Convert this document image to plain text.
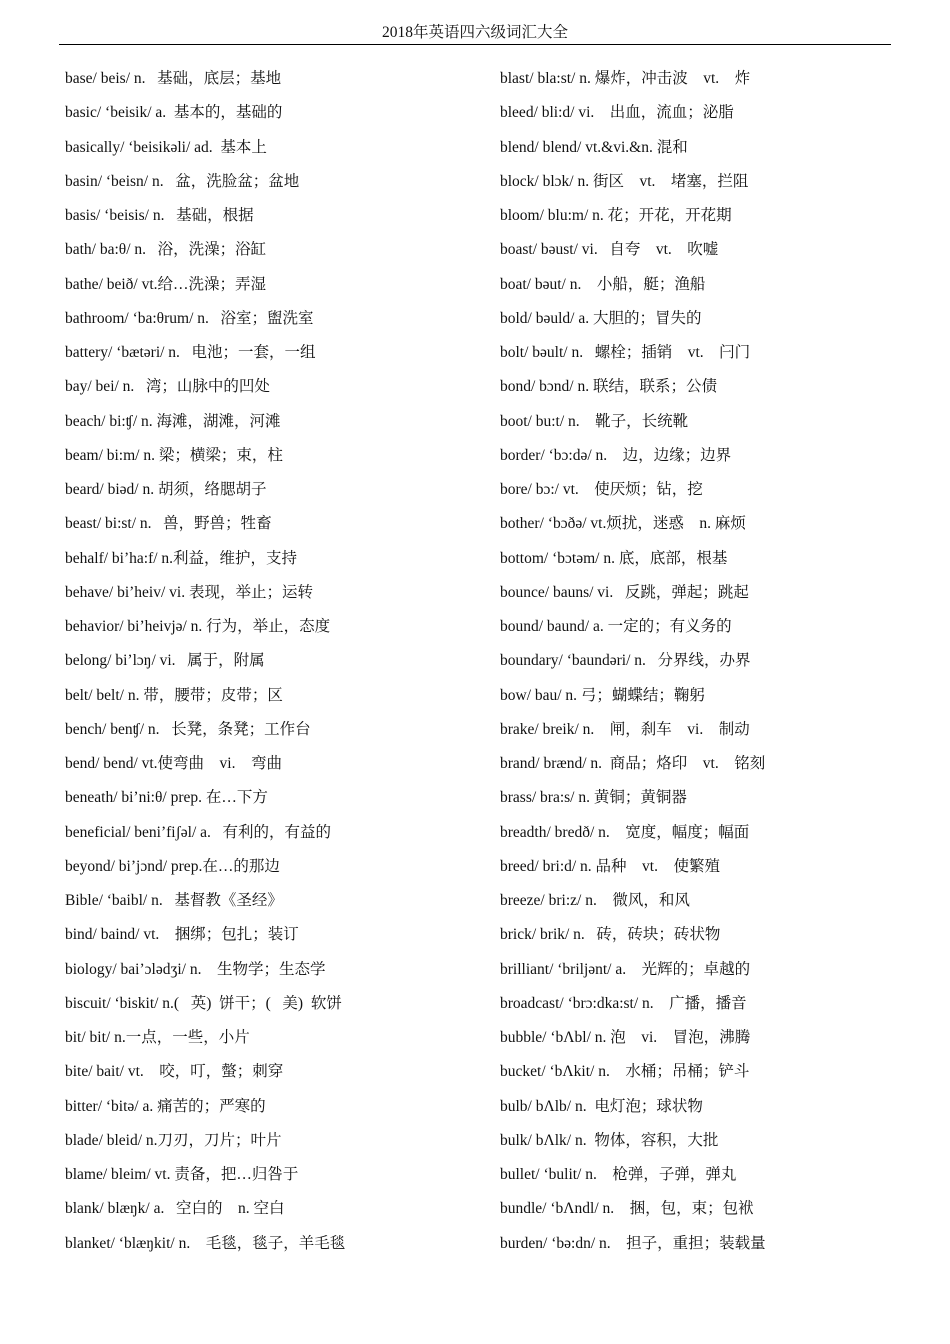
2018年英语四六级词汇大全
base/ beis/ n.   基础，底层；基地
basic/ ‘beisik/ a.  基本的，基础的
basically/ ‘beisikəli/ ad.  基本上
basin/ ‘beisn/ n.   盆，洗脸盆；盆地
basis/ ‘beisis/ n.   基础，根据
bath/ ba:θ/ n.   浴，洗澡；浴缸
bathe/ beið/ vt.给…洗澡；弄湿
bathroom/ ‘ba:θrum/ n.   浴室；盥洗室
battery/ ‘bætəri/ n.   电池；一套，一组
bay/ bei/ n.   湾；山脉中的凹处
beach/ bi:ʧ/ n. 海滩，湖滩，河滩
beam/ bi:m/ n. 梁；横梁；束，柱
beard/ biəd/ n. 胡须，络腮胡子
beast/ bi:st/ n.   兽，野兽；牲畜
behalf/ bi’ha:f/ n.利益，维护，支持
behave/ bi’heiv/ vi. 表现，举止；运转
behavior/ bi’heivjə/ n. 行为，举止，态度
belong/ bi’lɔŋ/ vi.   属于，附属
belt/ belt/ n. 带，腰带；皮带；区
bench/ benʧ/ n.   长凳，条凳；工作台
bend/ bend/ vt.使弯曲    vi.    弯曲
beneath/ bi’ni:θ/ prep. 在…下方
beneficial/ beni’fiʃəl/ a.   有利的，有益的
beyond/ bi’jɔnd/ prep.在…的那边
Bible/ ‘baibl/ n.   基督教《圣经》
bind/ baind/ vt.    捆绑；包扎；装订
biology/ bai’ɔlədʒi/ n.    生物学；生态学
biscuit/ ‘biskit/ n.(   英)  饼干；(   美)  软饼
bit/ bit/ n.一点，一些，小片
bite/ bait/ vt.    咬，叮，螫；刺穿
bitter/ ‘bitə/ a. 痛苦的；严寒的
blade/ bleid/ n.刀刃，刀片；叶片
blame/ bleim/ vt. 责备，把…归咎于
blank/ blæŋk/ a.   空白的    n. 空白
blanket/ ‘blæŋkit/ n.    毛毯，毯子，羊毛毯
blast/ bla:st/ n. 爆炸，冲击波    vt.    炸
bleed/ bli:d/ vi.    出血，流血；泌脂
blend/ blend/ vt.&vi.&n. 混和
block/ blɔk/ n. 街区    vt.    堵塞，拦阻
bloom/ blu:m/ n. 花；开花，开花期
boast/ bəust/ vi.   自夸    vt.    吹嘘
boat/ bəut/ n.    小船，艇；渔船
bold/ bəuld/ a. 大胆的；冒失的
bolt/ bəult/ n.   螺栓；插销    vt.    闩门
bond/ bɔnd/ n. 联结，联系；公债
boot/ bu:t/ n.    靴子，长统靴
border/ ‘bɔ:də/ n.    边，边缘；边界
bore/ bɔ:/ vt.    使厌烦；钻，挖
bother/ ‘bɔðə/ vt.烦扰，迷惑    n. 麻烦
bottom/ ‘bɔtəm/ n. 底，底部，根基
bounce/ bauns/ vi.   反跳，弹起；跳起
bound/ baund/ a. 一定的；有义务的
boundary/ ‘baundəri/ n.   分界线，办界
bow/ bau/ n. 弓；蝴蝶结；鞠躬
brake/ breik/ n.    闸，刹车    vi.    制动
brand/ brænd/ n.  商品；烙印    vt.    铭刻
brass/ bra:s/ n. 黄铜；黄铜器
breadth/ bredð/ n.    宽度，幅度；幅面
breed/ bri:d/ n. 品种    vt.    使繁殖
breeze/ bri:z/ n.    微风，和风
brick/ brik/ n.   砖，砖块；砖状物
brilliant/ ‘briljənt/ a.    光辉的；卓越的
broadcast/ ‘brɔ:dka:st/ n.    广播，播音
bubble/ ‘bΛbl/ n. 泡    vi.    冒泡，沸腾
bucket/ ‘bΛkit/ n.    水桶；吊桶；铲斗
bulb/ bΛlb/ n.  电灯泡；球状物
bulk/ bΛlk/ n.  物体，容积，大批
bullet/ ‘bulit/ n.    枪弹，子弹，弹丸
bundle/ ‘bΛndl/ n.    捆，包，束；包袱
burden/ ‘bə:dn/ n.    担子，重担；装载量
